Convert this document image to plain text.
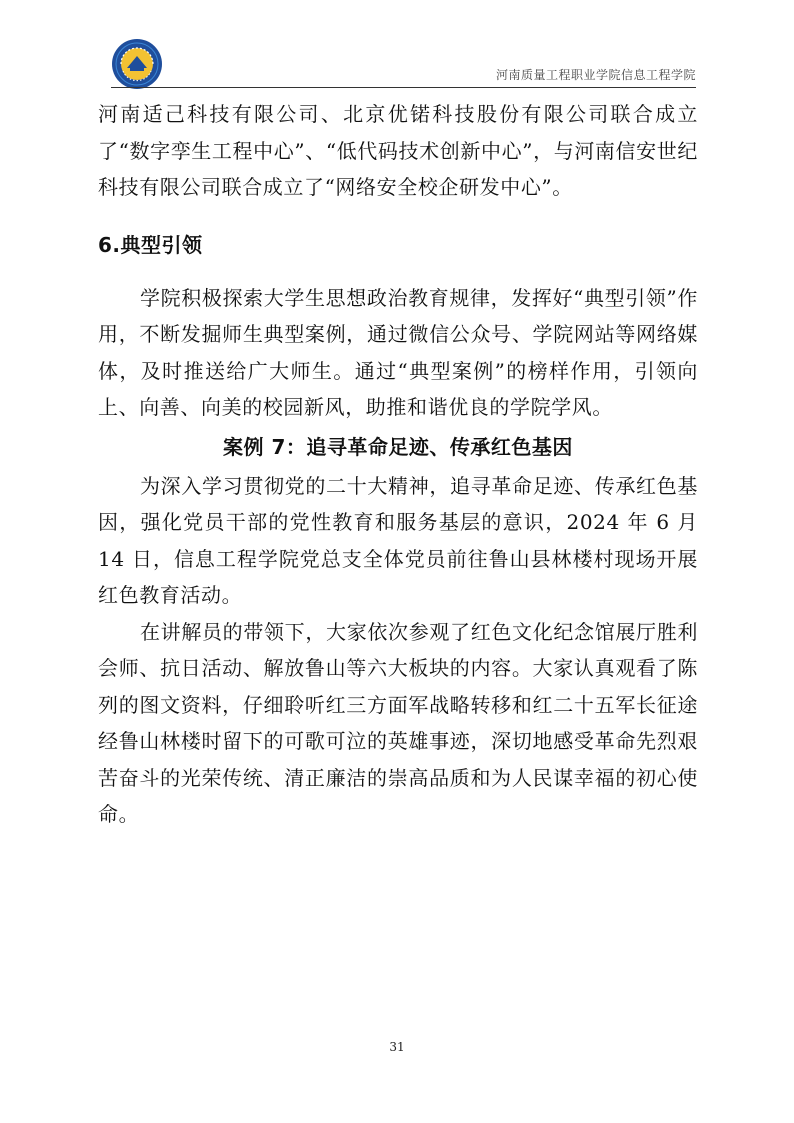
河南质量工程职业学院信息工程学院

河南适己科技有限公司、北京优锘科技股份有限公司联合成立了“数字孪生工程中心”、“低代码技术创新中心”，与河南信安世纪科技有限公司联合成立了“网络安全校企研发中心”。

6.典型引领

学院积极探索大学生思想政治教育规律，发挥好“典型引领”作用，不断发掘师生典型案例，通过微信公众号、学院网站等网络媒体，及时推送给广大师生。通过“典型案例”的榜样作用，引领向上、向善、向美的校园新风，助推和谐优良的学院学风。

案例 7：追寻革命足迹、传承红色基因

为深入学习贯彻党的二十大精神，追寻革命足迹、传承红色基因，强化党员干部的党性教育和服务基层的意识，2024 年 6 月 14 日，信息工程学院党总支全体党员前往鲁山县林楼村现场开展红色教育活动。

在讲解员的带领下，大家依次参观了红色文化纪念馆展厅胜利会师、抗日活动、解放鲁山等六大板块的内容。大家认真观看了陈列的图文资料，仔细聆听红三方面军战略转移和红二十五军长征途经鲁山林楼时留下的可歌可泣的英雄事迹，深切地感受革命先烈艰苦奋斗的光荣传统、清正廉洁的崇高品质和为人民谋幸福的初心使命。

31
